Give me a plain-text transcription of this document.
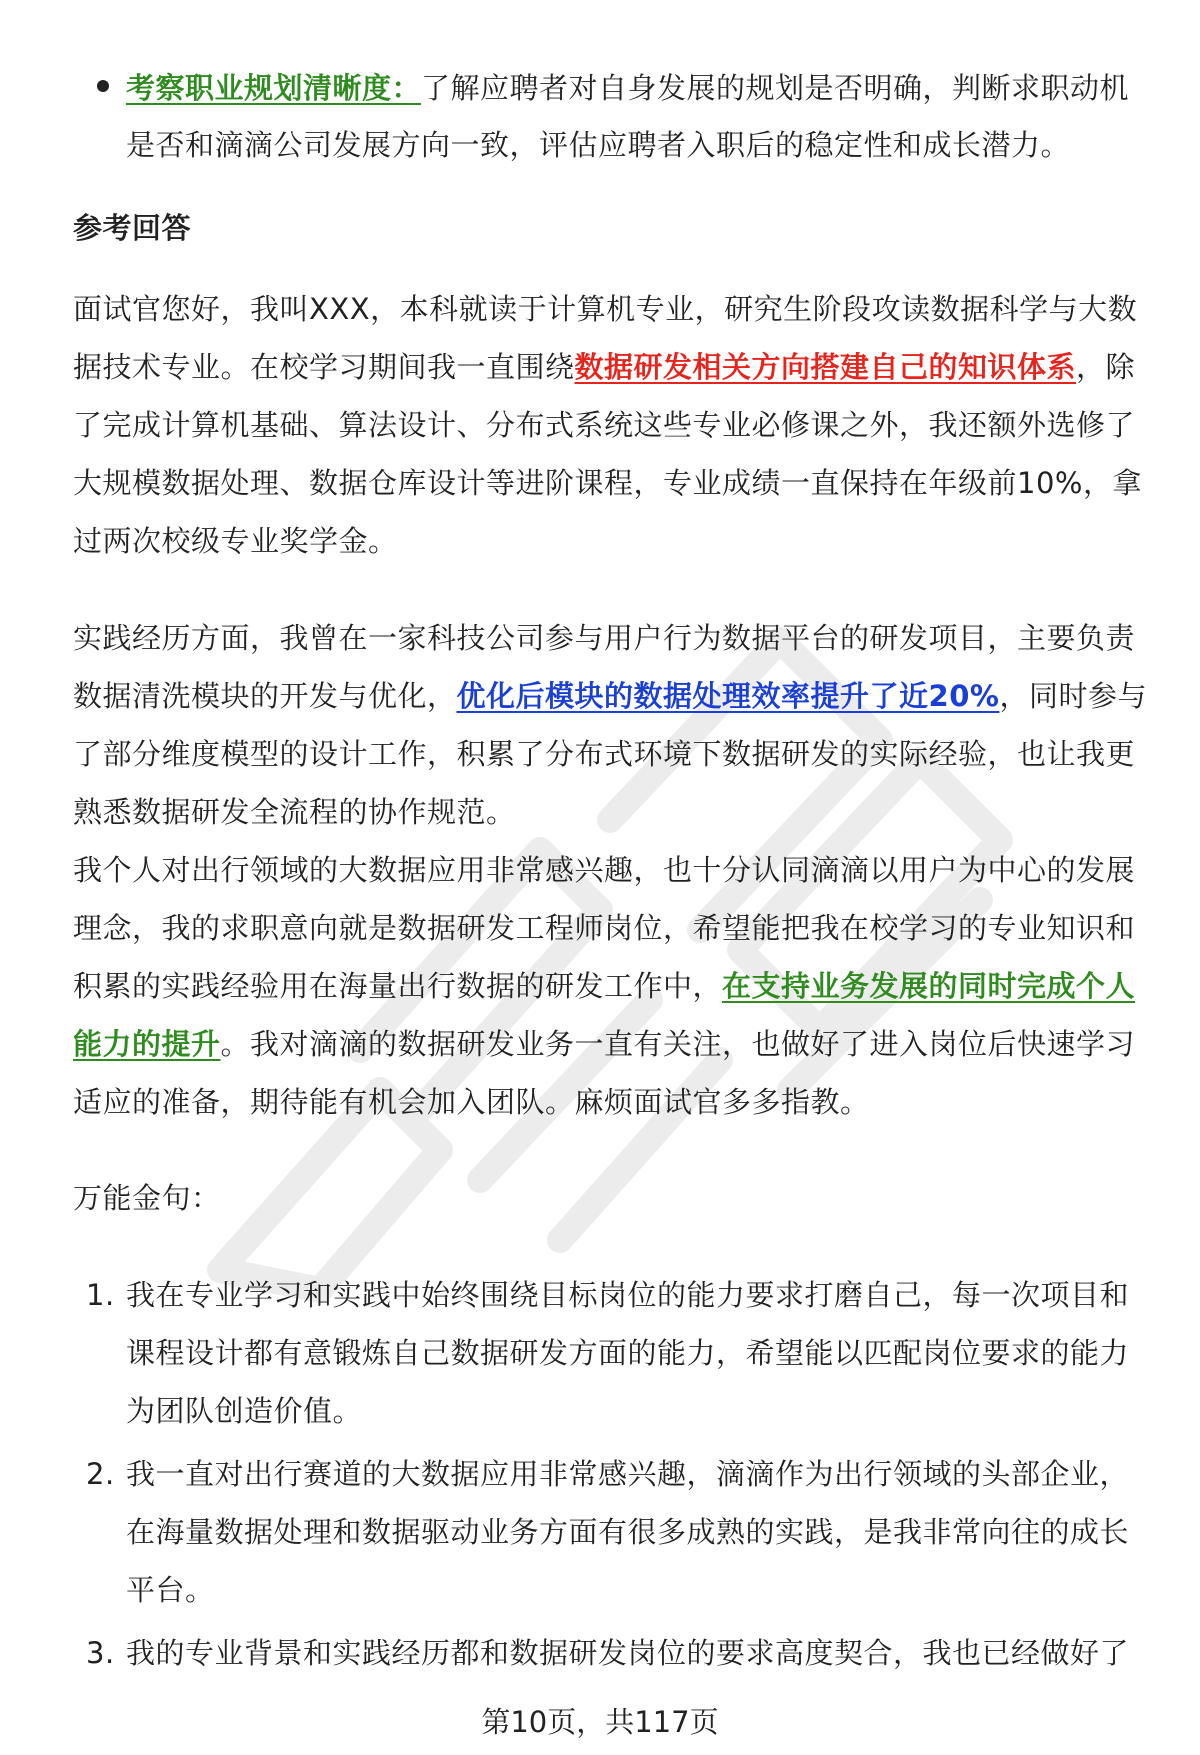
考察职业规划清晰度：了解应聘者对自身发展的规划是否明确，判断求职动机
是否和滴滴公司发展方向一致，评估应聘者入职后的稳定性和成长潜力。
参考回答
面试官您好，我叫XXX，本科就读于计算机专业，研究生阶段攻读数据科学与大数
据技术专业。在校学习期间我一直围绕数据研发相关方向搭建自己的知识体系，除
了完成计算机基础、算法设计、分布式系统这些专业必修课之外，我还额外选修了
大规模数据处理、数据仓库设计等进阶课程，专业成绩一直保持在年级前10%，拿
过两次校级专业奖学金。
实践经历方面，我曾在一家科技公司参与用户行为数据平台的研发项目，主要负责
数据清洗模块的开发与优化，优化后模块的数据处理效率提升了近20%，同时参与
了部分维度模型的设计工作，积累了分布式环境下数据研发的实际经验，也让我更
熟悉数据研发全流程的协作规范。
我个人对出行领域的大数据应用非常感兴趣，也十分认同滴滴以用户为中心的发展
理念，我的求职意向就是数据研发工程师岗位，希望能把我在校学习的专业知识和
积累的实践经验用在海量出行数据的研发工作中，在支持业务发展的同时完成个人
能力的提升。我对滴滴的数据研发业务一直有关注，也做好了进入岗位后快速学习
适应的准备，期待能有机会加入团队。麻烦面试官多多指教。
万能金句：
1. 我在专业学习和实践中始终围绕目标岗位的能力要求打磨自己，每一次项目和
课程设计都有意锻炼自己数据研发方面的能力，希望能以匹配岗位要求的能力
为团队创造价值。
2. 我一直对出行赛道的大数据应用非常感兴趣，滴滴作为出行领域的头部企业，
在海量数据处理和数据驱动业务方面有很多成熟的实践，是我非常向往的成长
平台。
3. 我的专业背景和实践经历都和数据研发岗位的要求高度契合，我也已经做好了
第10页，共117页
